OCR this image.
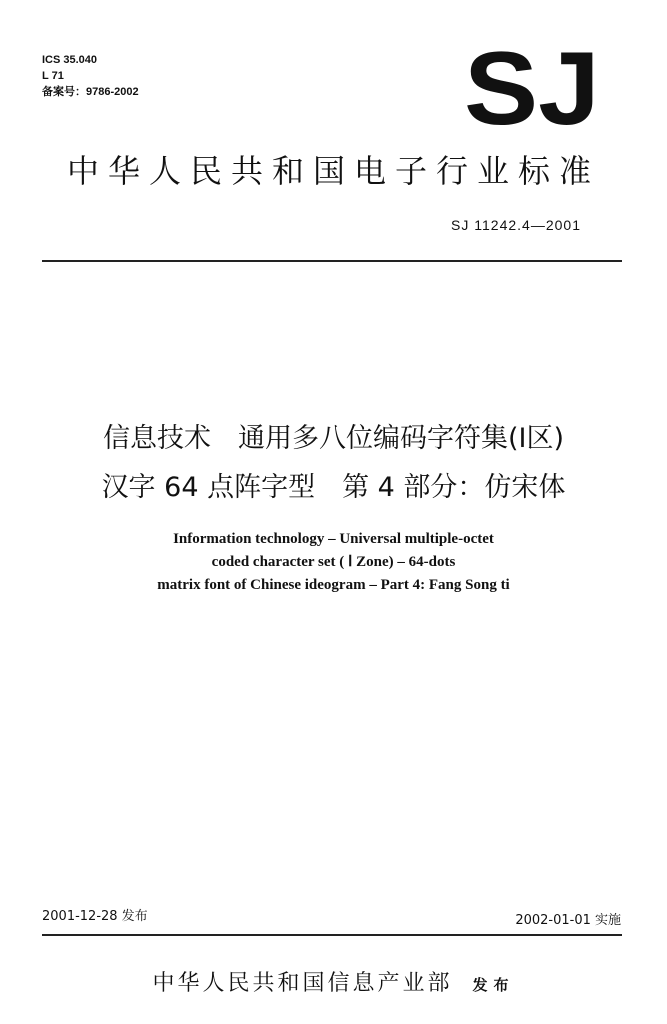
ICS 35.040
L 71
备案号：9786-2002	SJ
中华人民共和国电子行业标准
SJ 11242.4—2001
信息技术　通用多八位编码字符集(Ⅰ区)
汉字 64 点阵字型　第 4 部分：仿宋体
Information technology – Universal multiple-octet
coded character set ( Ⅰ Zone) – 64-dots
matrix font of Chinese ideogram – Part 4: Fang Song ti
2001-12-28 发布	2002-01-01 实施
中华人民共和国信息产业部 发布
